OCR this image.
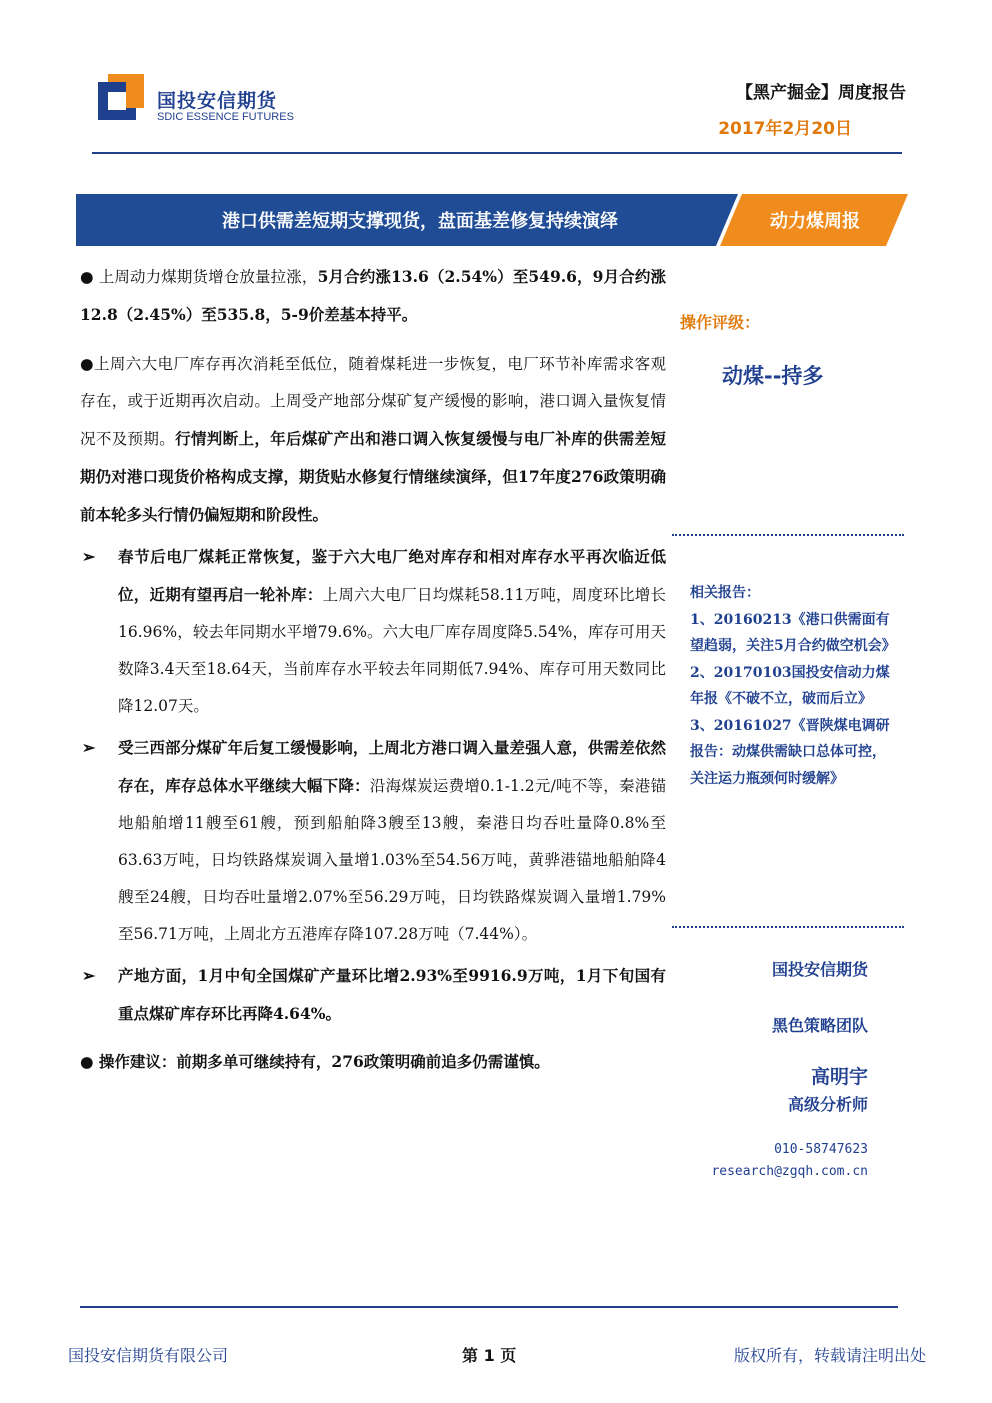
国投安信期货
SDIC ESSENCE FUTURES
【黑产掘金】周度报告
2017年2月20日
港口供需差短期支撑现货，盘面基差修复持续演绎	动力煤周报

● 上周动力煤期货增仓放量拉涨，5月合约涨13.6（2.54%）至549.6，9月合约涨12.8（2.45%）至535.8，5-9价差基本持平。

●上周六大电厂库存再次消耗至低位，随着煤耗进一步恢复，电厂环节补库需求客观存在，或于近期再次启动。上周受产地部分煤矿复产缓慢的影响，港口调入量恢复情况不及预期。行情判断上，年后煤矿产出和港口调入恢复缓慢与电厂补库的供需差短期仍对港口现货价格构成支撑，期货贴水修复行情继续演绎，但17年度276政策明确前本轮多头行情仍偏短期和阶段性。

➢ 春节后电厂煤耗正常恢复，鉴于六大电厂绝对库存和相对库存水平再次临近低位，近期有望再启一轮补库：上周六大电厂日均煤耗58.11万吨，周度环比增长16.96%，较去年同期水平增79.6%。六大电厂库存周度降5.54%，库存可用天数降3.4天至18.64天，当前库存水平较去年同期低7.94%、库存可用天数同比降12.07天。
➢ 受三西部分煤矿年后复工缓慢影响，上周北方港口调入量差强人意，供需差依然存在，库存总体水平继续大幅下降：沿海煤炭运费增0.1-1.2元/吨不等，秦港锚地船舶增11艘至61艘，预到船舶降3艘至13艘，秦港日均吞吐量降0.8%至63.63万吨，日均铁路煤炭调入量增1.03%至54.56万吨，黄骅港锚地船舶降4艘至24艘，日均吞吐量增2.07%至56.29万吨，日均铁路煤炭调入量增1.79%至56.71万吨，上周北方五港库存降107.28万吨（7.44%）。
➢ 产地方面，1月中旬全国煤矿产量环比增2.93%至9916.9万吨，1月下旬国有重点煤矿库存环比再降4.64%。

● 操作建议：前期多单可继续持有，276政策明确前追多仍需谨慎。

操作评级：
动煤--持多
相关报告：
1、20160213《港口供需面有望趋弱，关注5月合约做空机会》
2、20170103国投安信动力煤年报《不破不立，破而后立》
3、20161027《晋陕煤电调研报告：动煤供需缺口总体可控，关注运力瓶颈何时缓解》
国投安信期货
黑色策略团队
高明宇
高级分析师
010-58747623
research@zgqh.com.cn
国投安信期货有限公司	第 1 页	版权所有，转载请注明出处
